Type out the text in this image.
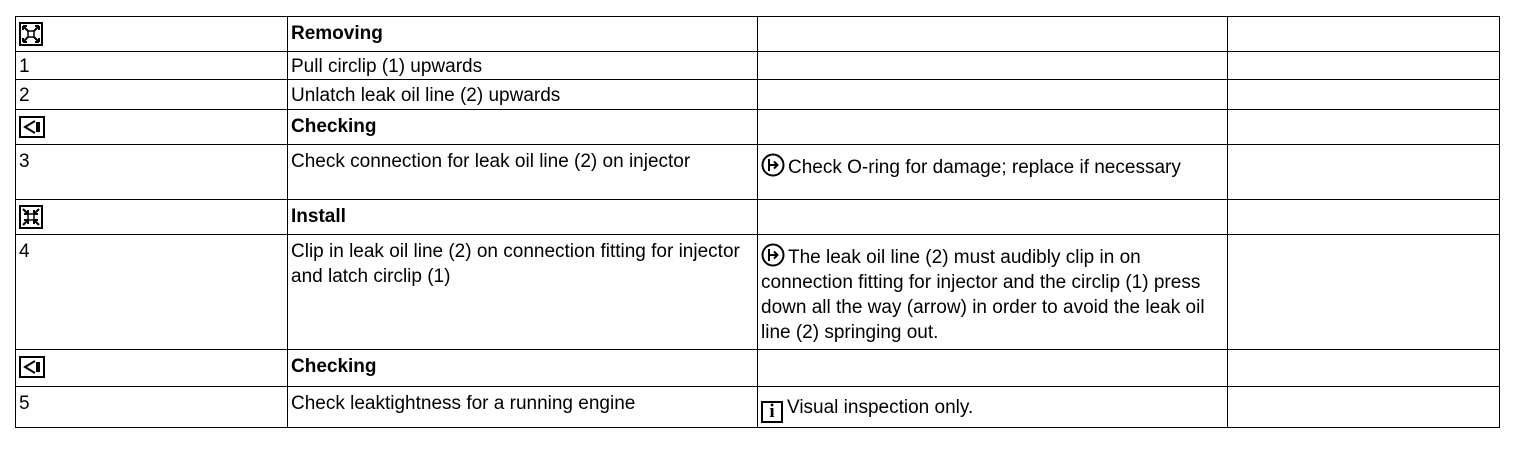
	Removing		
1	Pull circlip (1) upwards		
2	Unlatch leak oil line (2) upwards		
	Checking		
3	Check connection for leak oil line (2) on injector	Check O-ring for damage; replace if necessary	
	Install		
4	Clip in leak oil line (2) on connection fitting for injector and latch circlip (1)	The leak oil line (2) must audibly clip in on connection fitting for injector and the circlip (1) press down all the way (arrow) in order to avoid the leak oil line (2) springing out.	
	Checking		
5	Check leaktightness for a running engine	i Visual inspection only.	
